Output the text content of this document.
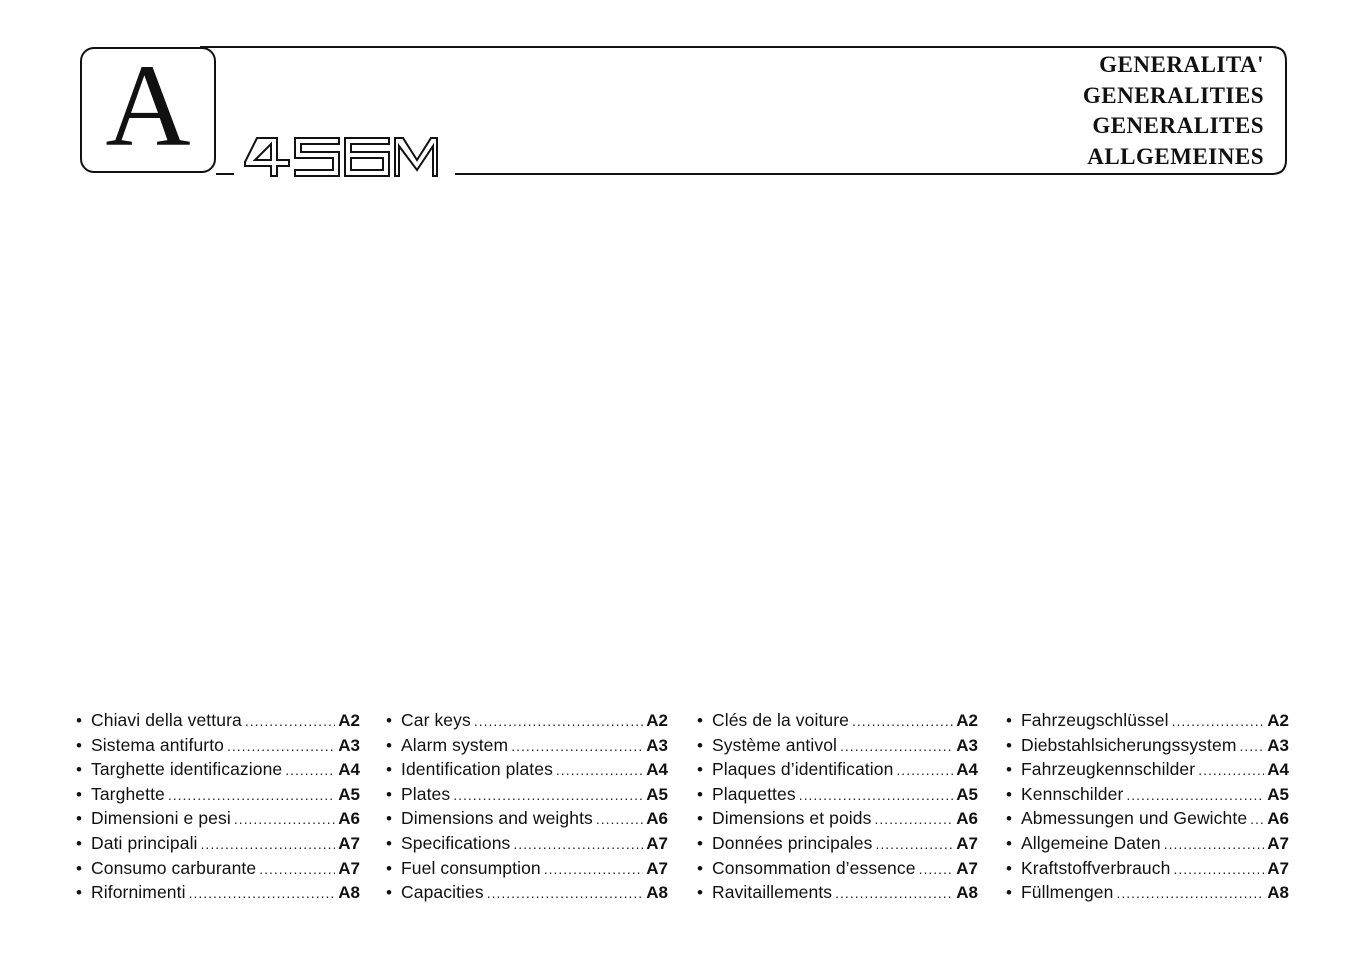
A	GENERALITA'
GENERALITIES
GENERALITES
ALLGEMEINES
• Chiavi della vettura .....	A2
• Sistema antifurto .....	A3
• Targhette identificazione .....	A4
• Targhette .....	A5
• Dimensioni e pesi .....	A6
• Dati principali .....	A7
• Consumo carburante .....	A7
• Rifornimenti .....	A8
• Car keys .....	A2
• Alarm system .....	A3
• Identification plates .....	A4
• Plates .....	A5
• Dimensions and weights .....	A6
• Specifications .....	A7
• Fuel consumption .....	A7
• Capacities .....	A8
• Clés de la voiture .....	A2
• Système antivol .....	A3
• Plaques d’identification .....	A4
• Plaquettes .....	A5
• Dimensions et poids .....	A6
• Données principales .....	A7
• Consommation d’essence ..... A7
• Ravitaillements .....	A8
• Fahrzeugschlüssel .....	A2
• Diebstahlsicherungssystem ..... A3
• Fahrzeugkennschilder .....	A4
• Kennschilder .....	A5
• Abmessungen und Gewichte ..... A6
• Allgemeine Daten .....	A7
• Kraftstoffverbrauch .....	A7
• Füllmengen .....	A8
